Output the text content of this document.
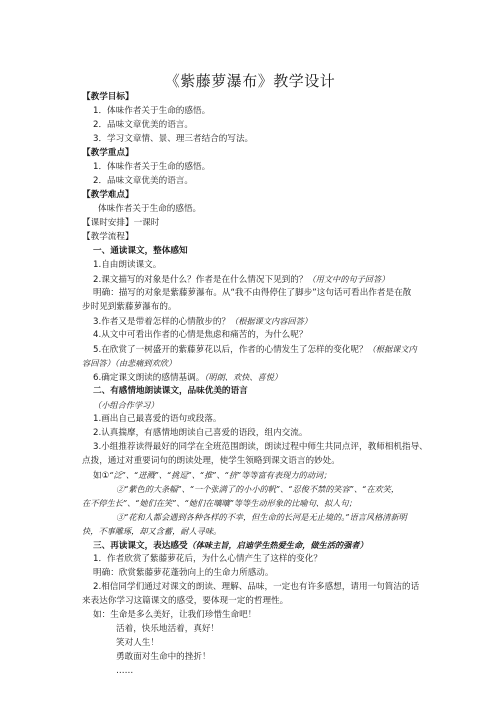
《紫藤萝瀑布》教学设计
【教学目标】
1．体味作者关于生命的感悟。
2．品味文章优美的语言。
3．学习文章情、景、理三者结合的写法。
【教学重点】
1．体味作者关于生命的感悟。
2．品味文章优美的语言。
【教学难点】
体味作者关于生命的感悟。
【课时安排】一课时
【教学流程】
一、通读课文，整体感知
1.自由朗读课文。
2.课文描写的对象是什么？作者是在什么情况下见到的？（用文中的句子回答）
明确：描写的对象是紫藤萝瀑布。从“我不由得停住了脚步”这句话可看出作者是在散
步时见到紫藤萝瀑布的。
3.作者又是带着怎样的心情散步的？（根据课文内容回答）
4.从文中可看出作者的心情是焦虑和痛苦的，为什么呢？
5.在欣赏了一树盛开的紫藤萝花以后，作者的心情发生了怎样的变化呢？（根据课文内
容回答）（由悲痛到欢欣）
6.确定课文朗读的感情基调。（明朗、欢快、喜悦）
二、有感情地朗读课文，品味优美的语言
（小组合作学习）
1.画出自己最喜爱的语句或段落。
2.认真揣摩，有感情地朗读自己喜爱的语段，组内交流。
3.小组推荐读得最好的同学在全班范围朗读，朗读过程中师生共同点评，教师相机指导、
点拨，通过对重要词句的朗读处理，使学生领略到课文语言的妙处。
如①“泛”、“迸溅”、“挑逗”、“推”、“挤”等等富有表现力的动词；
②“紫色的大条幅”、“一个张满了的小小的帆”、“忍俊不禁的笑容”、“在欢笑，
在不停生长”、“她们在笑”、“她们在嚷嚷”等等生动形象的比喻句、拟人句；
③“花和人都会遇到各种各样的不幸，但生命的长河是无止境的。”语言风格清新明
快，不事雕琢，却又含蓄，耐人寻味。
三、再读课文，表达感受（体味主旨，启迪学生热爱生命，做生活的强者）
1．作者欣赏了紫藤萝花后，为什么心情产生了这样的变化？
明确：欣赏紫藤萝花蓬勃向上的生命力所感动。
2.相信同学们通过对课文的朗读、理解、品味，一定也有许多感想，请用一句简洁的话
来表达你学习这篇课文的感受，要体现一定的哲理性。
如：生命是多么美好，让我们珍惜生命吧！
活着，快乐地活着，真好！
笑对人生！
勇敢面对生命中的挫折！
……
